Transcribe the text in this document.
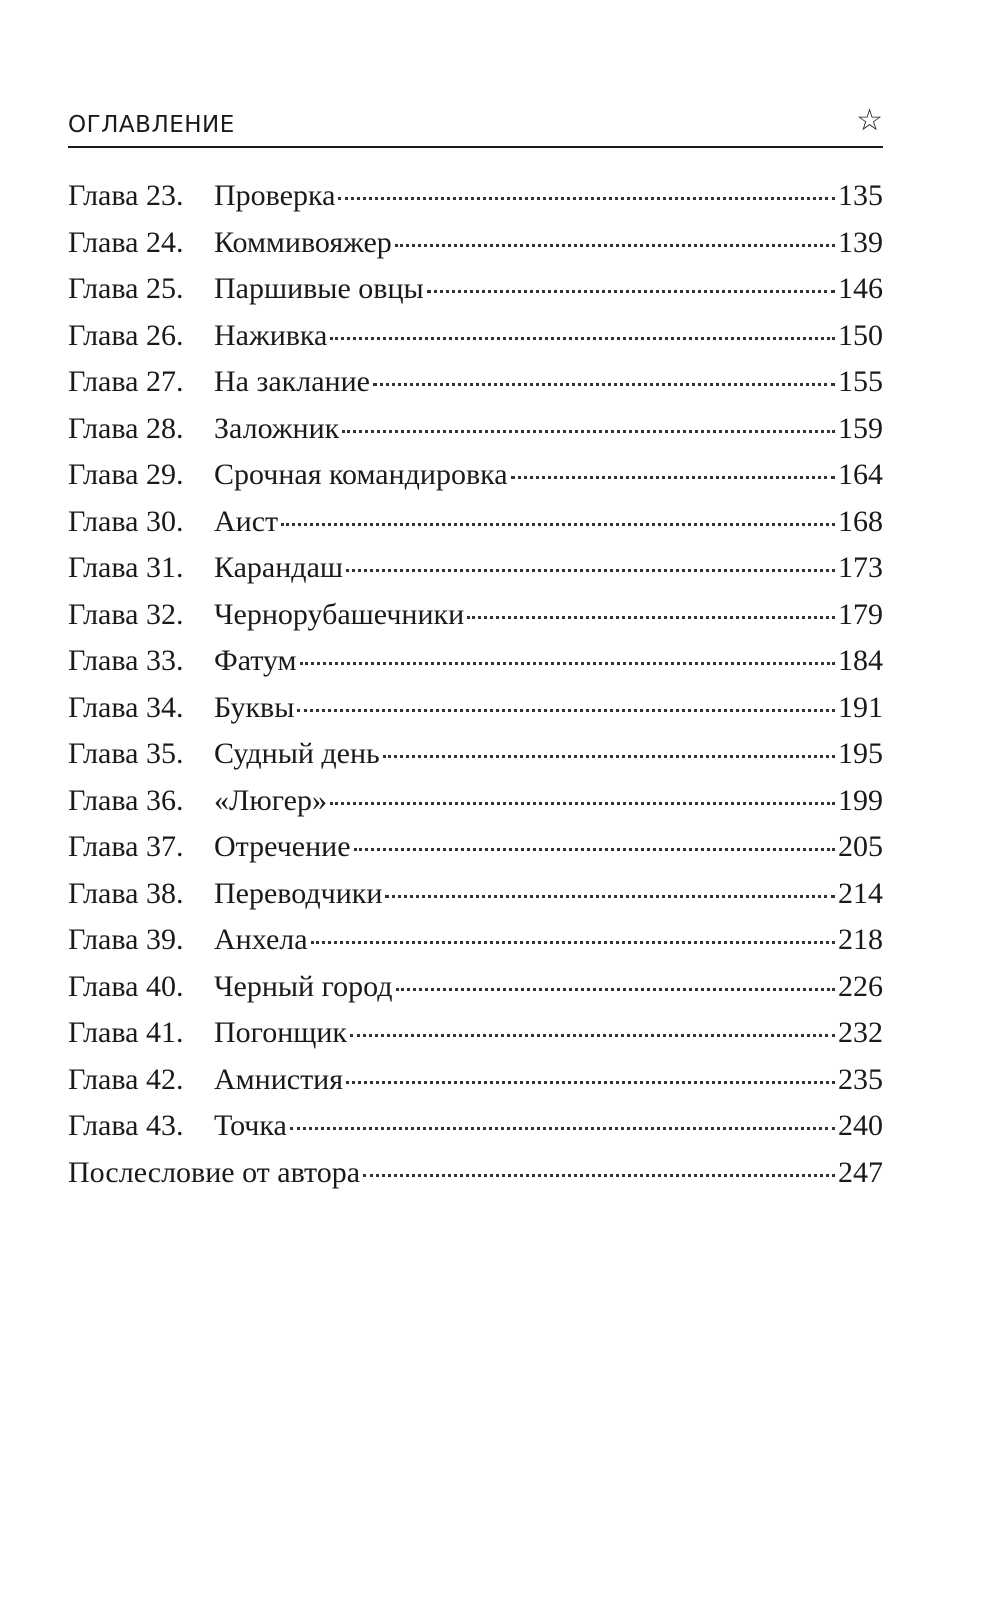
ОГЛАВЛЕНИЕ	☆
Глава 23.	Проверка	135
Глава 24.	Коммивояжер	139
Глава 25.	Паршивые овцы	146
Глава 26.	Наживка	150
Глава 27.	На заклание	155
Глава 28.	Заложник	159
Глава 29.	Срочная командировка	164
Глава 30.	Аист	168
Глава 31.	Карандаш	173
Глава 32.	Чернорубашечники	179
Глава 33.	Фатум	184
Глава 34.	Буквы	191
Глава 35.	Судный день	195
Глава 36.	«Люгер»	199
Глава 37.	Отречение	205
Глава 38.	Переводчики	214
Глава 39.	Анхела	218
Глава 40.	Черный город	226
Глава 41.	Погонщик	232
Глава 42.	Амнистия	235
Глава 43.	Точка	240
Послесловие от автора	247
